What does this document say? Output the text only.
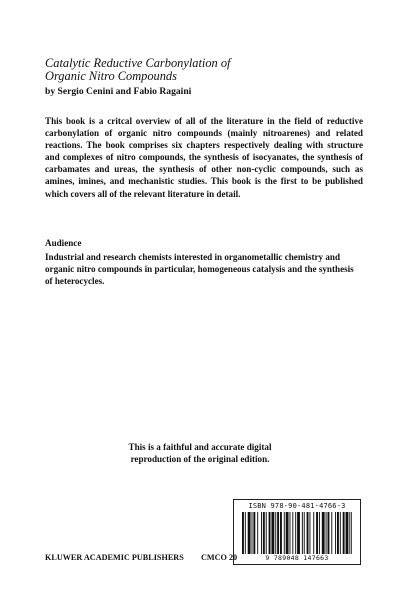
Catalytic Reductive Carbonylation of
Organic Nitro Compounds
by Sergio Cenini and Fabio Ragaini
This book is a critcal overview of all of the literature in the field of reductive carbonylation of organic nitro compounds (mainly nitroarenes) and related reactions. The book comprises six chapters respectively dealing with structure and complexes of nitro compounds, the synthesis of isocyanates, the synthesis of carbamates and ureas, the synthesis of other non-cyclic compounds, such as amines, imines, and mechanistic studies. This book is the first to be published which covers all of the relevant literature in detail.
Audience
Industrial and research chemists interested in organometallic chemistry and organic nitro compounds in particular, homogeneous catalysis and the synthesis of heterocycles.
This is a faithful and accurate digital
reproduction of the original edition.
ISBN 978-90-481-4766-3
9 789048 147663
KLUWER ACADEMIC PUBLISHERS CMCO 20
